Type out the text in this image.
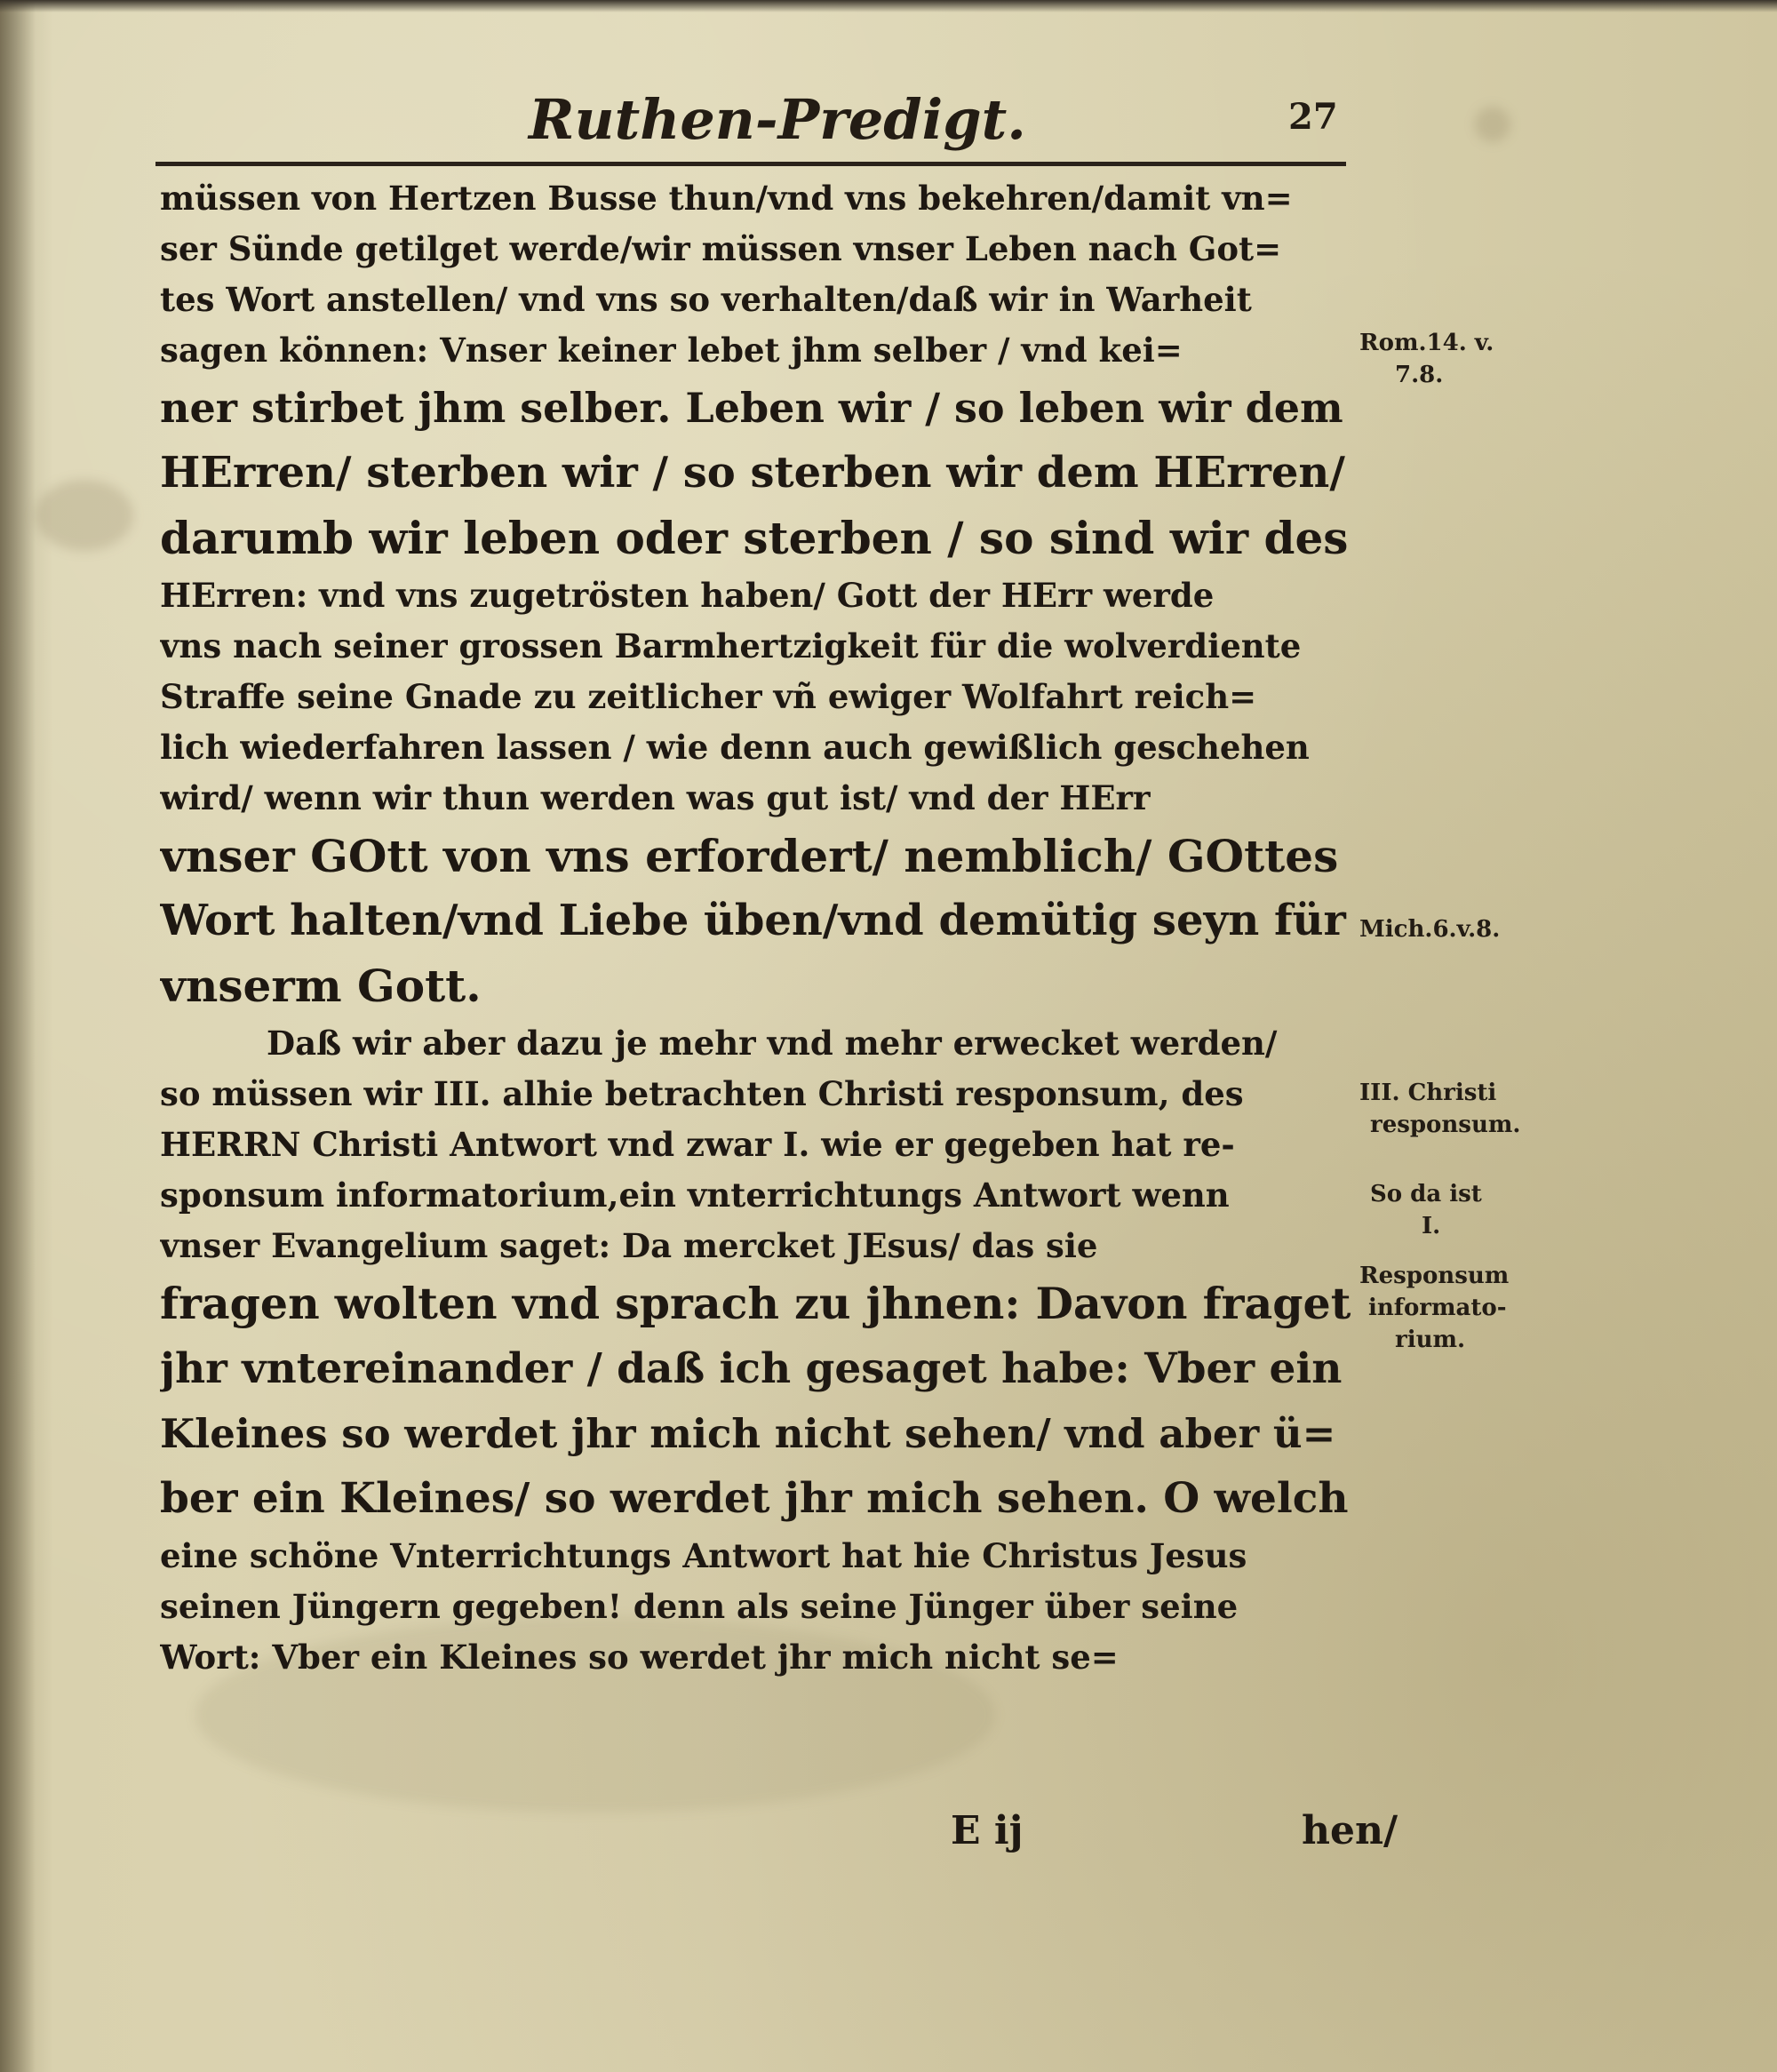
Ruthen-Predigt.	27
müssen von Hertzen Busse thun/vnd vns bekehren/damit vn=
ser Sünde getilget werde/wir müssen vnser Leben nach Got=
tes Wort anstellen/ vnd vns so verhalten/daß wir in Warheit
sagen können: Vnser keiner lebet jhm selber / vnd kei=
ner stirbet jhm selber. Leben wir / so leben wir dem
HErren/ sterben wir / so sterben wir dem HErren/
darumb wir leben oder sterben / so sind wir des
HErren: vnd vns zugetrösten haben/ Gott der HErr werde
vns nach seiner grossen Barmhertzigkeit für die wolverdiente
Straffe seine Gnade zu zeitlicher vñ ewiger Wolfahrt reich=
lich wiederfahren lassen / wie denn auch gewißlich geschehen
wird/ wenn wir thun werden was gut ist/ vnd der HErr
vnser GOtt von vns erfordert/ nemblich/ GOttes
Wort halten/vnd Liebe üben/vnd demütig seyn für
vnserm Gott.
Daß wir aber dazu je mehr vnd mehr erwecket werden/
so müssen wir III. alhie betrachten Christi responsum, des
HERRN Christi Antwort vnd zwar I. wie er gegeben hat re-
sponsum informatorium,ein vnterrichtungs Antwort wenn
vnser Evangelium saget: Da mercket JEsus/ das sie
fragen wolten vnd sprach zu jhnen: Davon fraget
jhr vntereinander / daß ich gesaget habe: Vber ein
Kleines so werdet jhr mich nicht sehen/ vnd aber ü=
ber ein Kleines/ so werdet jhr mich sehen. O welch
eine schöne Vnterrichtungs Antwort hat hie Christus Jesus
seinen Jüngern gegeben! denn als seine Jünger über seine
Wort: Vber ein Kleines so werdet jhr mich nicht se=
Rom.14. v.
7.8.
Mich.6.v.8.
III. Christi
responsum.
So da ist
I.
Responsum
informato-
rium.
E ij	hen/
